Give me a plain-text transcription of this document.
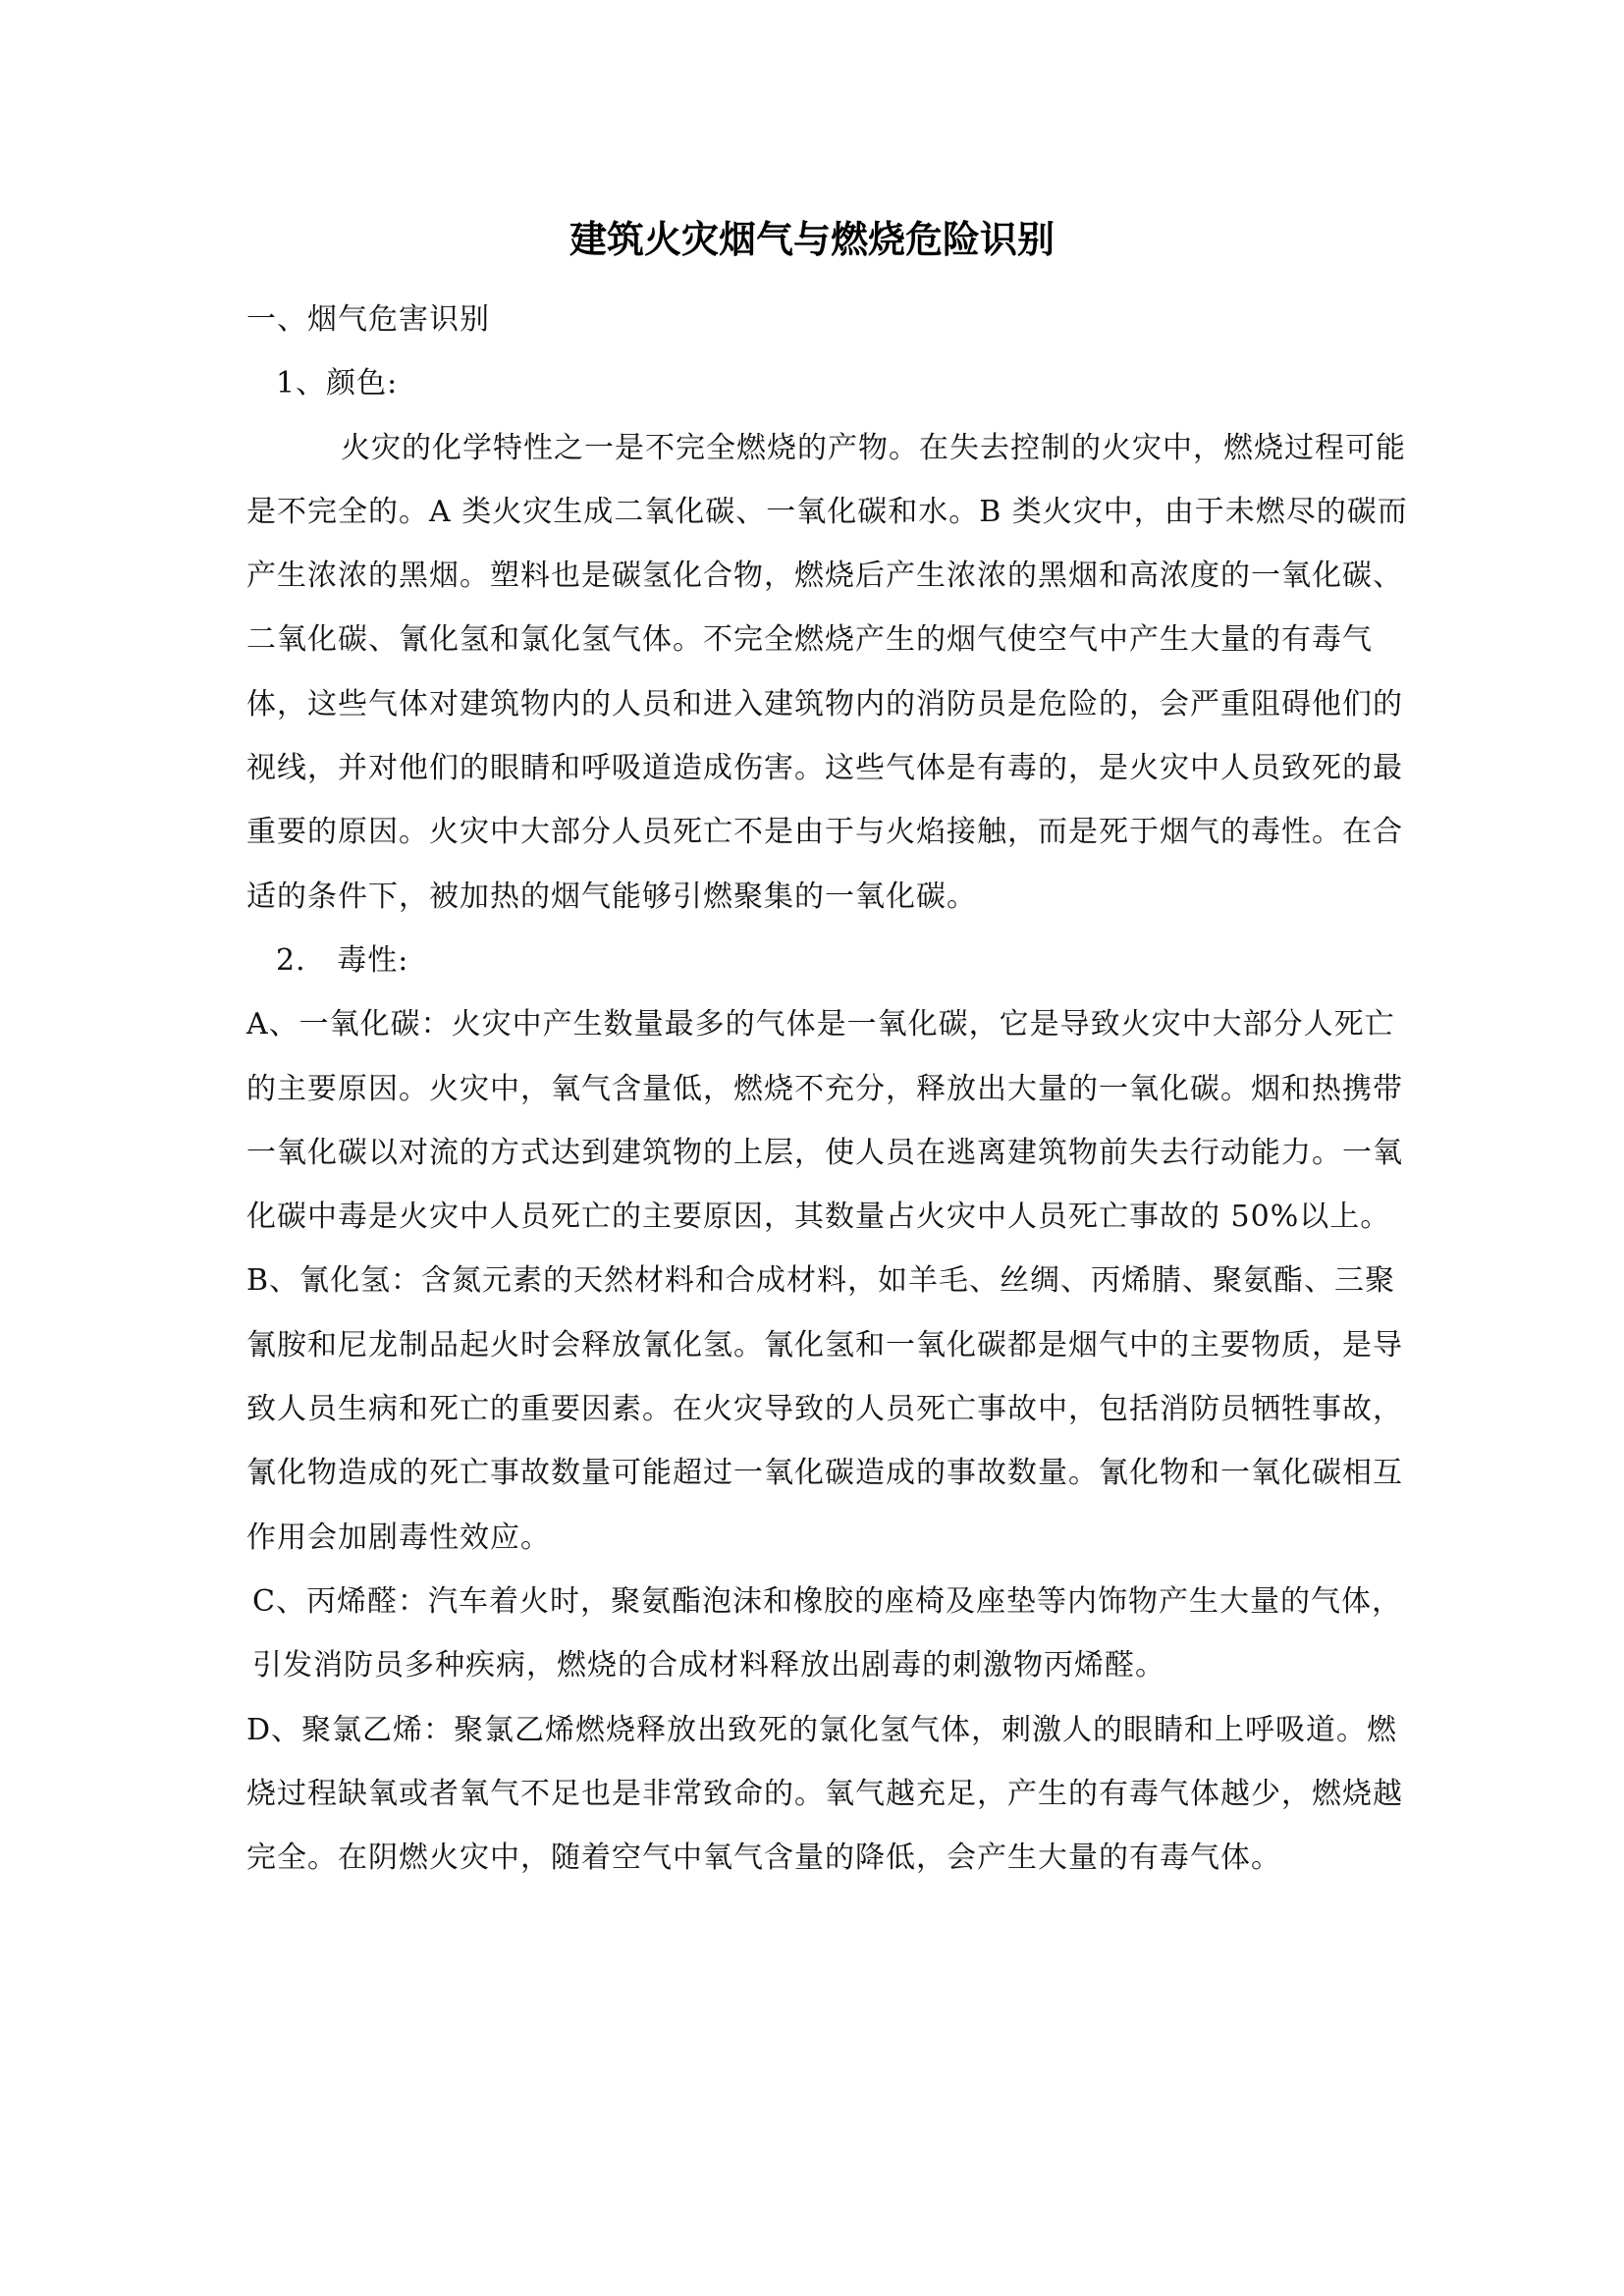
建筑火灾烟气与燃烧危险识别

一、烟气危害识别

1、颜色:

火灾的化学特性之一是不完全燃烧的产物。在失去控制的火灾中，燃烧过程可能是不完全的。A 类火灾生成二氧化碳、一氧化碳和水。B 类火灾中，由于未燃尽的碳而产生浓浓的黑烟。塑料也是碳氢化合物，燃烧后产生浓浓的黑烟和高浓度的一氧化碳、二氧化碳、氰化氢和氯化氢气体。不完全燃烧产生的烟气使空气中产生大量的有毒气体，这些气体对建筑物内的人员和进入建筑物内的消防员是危险的，会严重阻碍他们的视线，并对他们的眼睛和呼吸道造成伤害。这些气体是有毒的，是火灾中人员致死的最重要的原因。火灾中大部分人员死亡不是由于与火焰接触，而是死于烟气的毒性。在合适的条件下，被加热的烟气能够引燃聚集的一氧化碳。

2.   毒性:

A、一氧化碳：火灾中产生数量最多的气体是一氧化碳，它是导致火灾中大部分人死亡的主要原因。火灾中，氧气含量低，燃烧不充分，释放出大量的一氧化碳。烟和热携带一氧化碳以对流的方式达到建筑物的上层，使人员在逃离建筑物前失去行动能力。一氧化碳中毒是火灾中人员死亡的主要原因，其数量占火灾中人员死亡事故的 50%以上。

B、氰化氢：含氮元素的天然材料和合成材料，如羊毛、丝绸、丙烯腈、聚氨酯、三聚氰胺和尼龙制品起火时会释放氰化氢。氰化氢和一氧化碳都是烟气中的主要物质，是导致人员生病和死亡的重要因素。在火灾导致的人员死亡事故中，包括消防员牺牲事故，氰化物造成的死亡事故数量可能超过一氧化碳造成的事故数量。氰化物和一氧化碳相互作用会加剧毒性效应。

C、丙烯醛：汽车着火时，聚氨酯泡沫和橡胶的座椅及座垫等内饰物产生大量的气体，引发消防员多种疾病，燃烧的合成材料释放出剧毒的刺激物丙烯醛。

D、聚氯乙烯：聚氯乙烯燃烧释放出致死的氯化氢气体，刺激人的眼睛和上呼吸道。燃烧过程缺氧或者氧气不足也是非常致命的。氧气越充足，产生的有毒气体越少，燃烧越完全。在阴燃火灾中，随着空气中氧气含量的降低，会产生大量的有毒气体。
